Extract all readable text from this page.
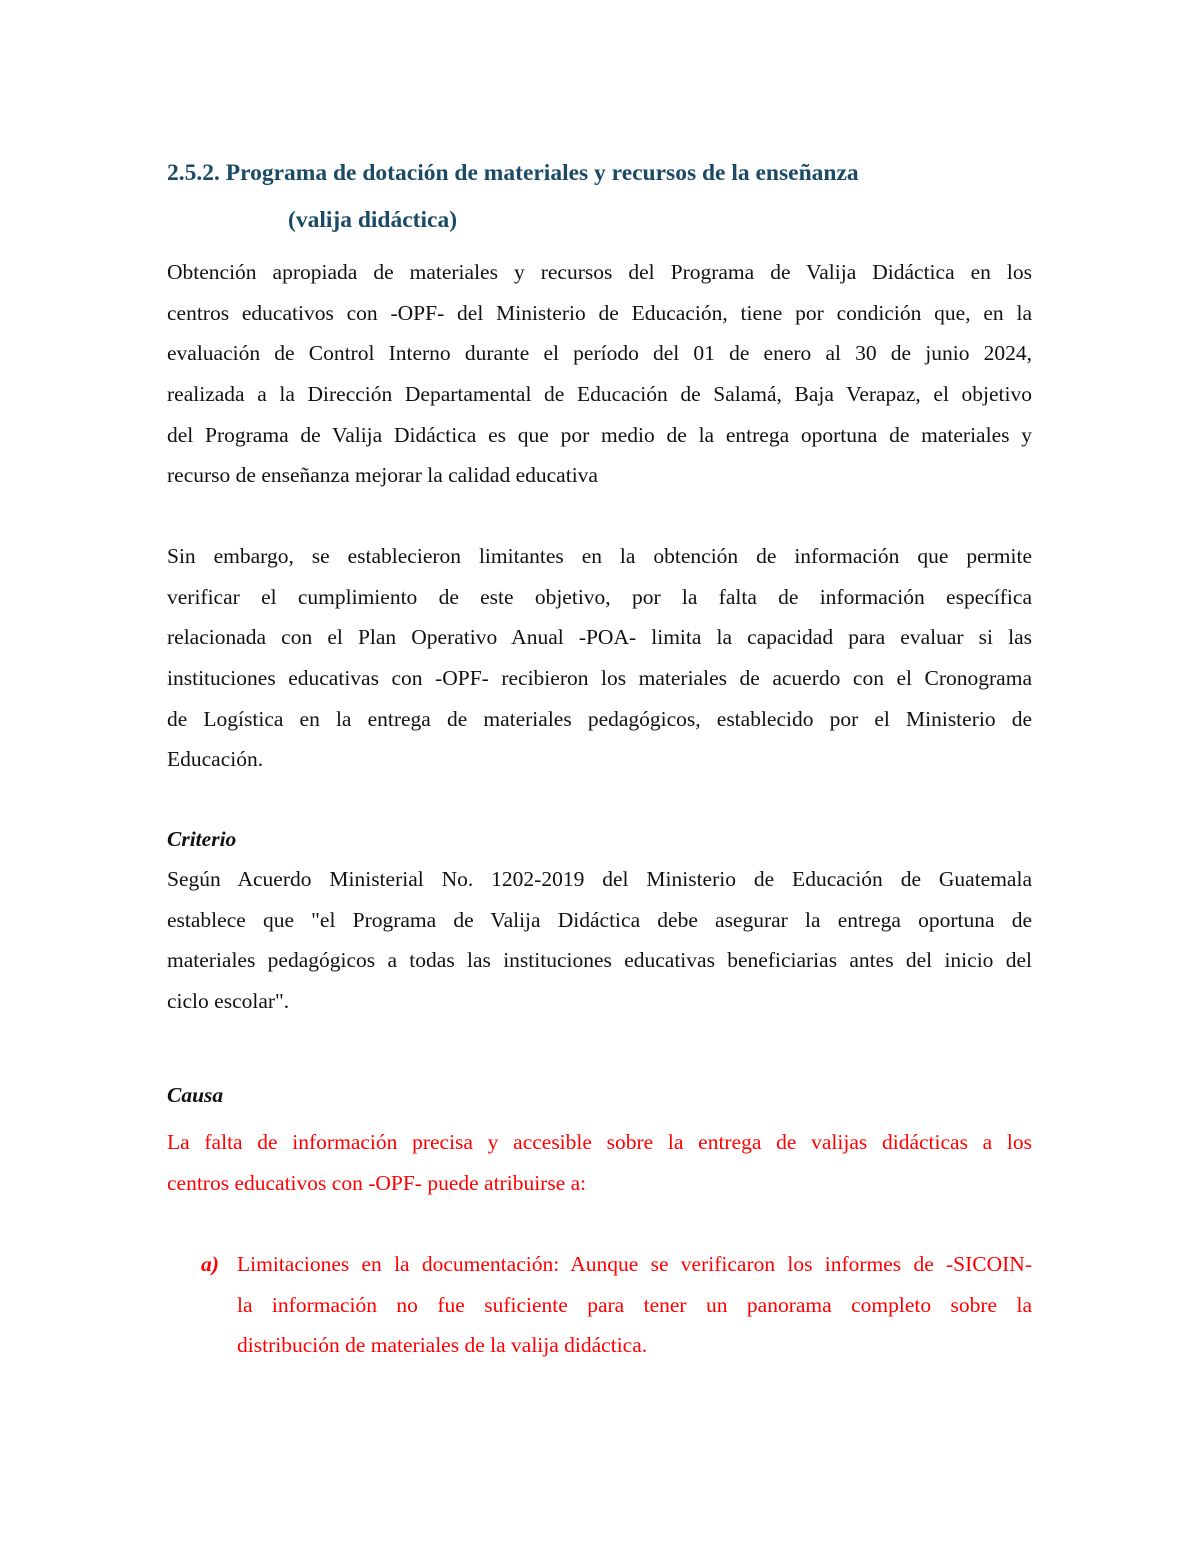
2.5.2. Programa de dotación de materiales y recursos de la enseñanza
(valija didáctica)
Obtención apropiada de materiales y recursos del Programa de Valija Didáctica en los
centros educativos con -OPF- del Ministerio de Educación, tiene por condición que, en la
evaluación de Control Interno durante el período del 01 de enero al 30 de junio 2024,
realizada a la Dirección Departamental de Educación de Salamá, Baja Verapaz, el objetivo
del Programa de Valija Didáctica es que por medio de la entrega oportuna de materiales y
recurso de enseñanza mejorar la calidad educativa
Sin embargo, se establecieron limitantes en la obtención de información que permite
verificar el cumplimiento de este objetivo, por la falta de información específica
relacionada con el Plan Operativo Anual -POA- limita la capacidad para evaluar si las
instituciones educativas con -OPF- recibieron los materiales de acuerdo con el Cronograma
de Logística en la entrega de materiales pedagógicos, establecido por el Ministerio de
Educación.
Criterio
Según Acuerdo Ministerial No. 1202-2019 del Ministerio de Educación de Guatemala
establece que "el Programa de Valija Didáctica debe asegurar la entrega oportuna de
materiales pedagógicos a todas las instituciones educativas beneficiarias antes del inicio del
ciclo escolar".
Causa
La falta de información precisa y accesible sobre la entrega de valijas didácticas a los
centros educativos con -OPF- puede atribuirse a:
a) Limitaciones en la documentación: Aunque se verificaron los informes de -SICOIN-
la información no fue suficiente para tener un panorama completo sobre la
distribución de materiales de la valija didáctica.
